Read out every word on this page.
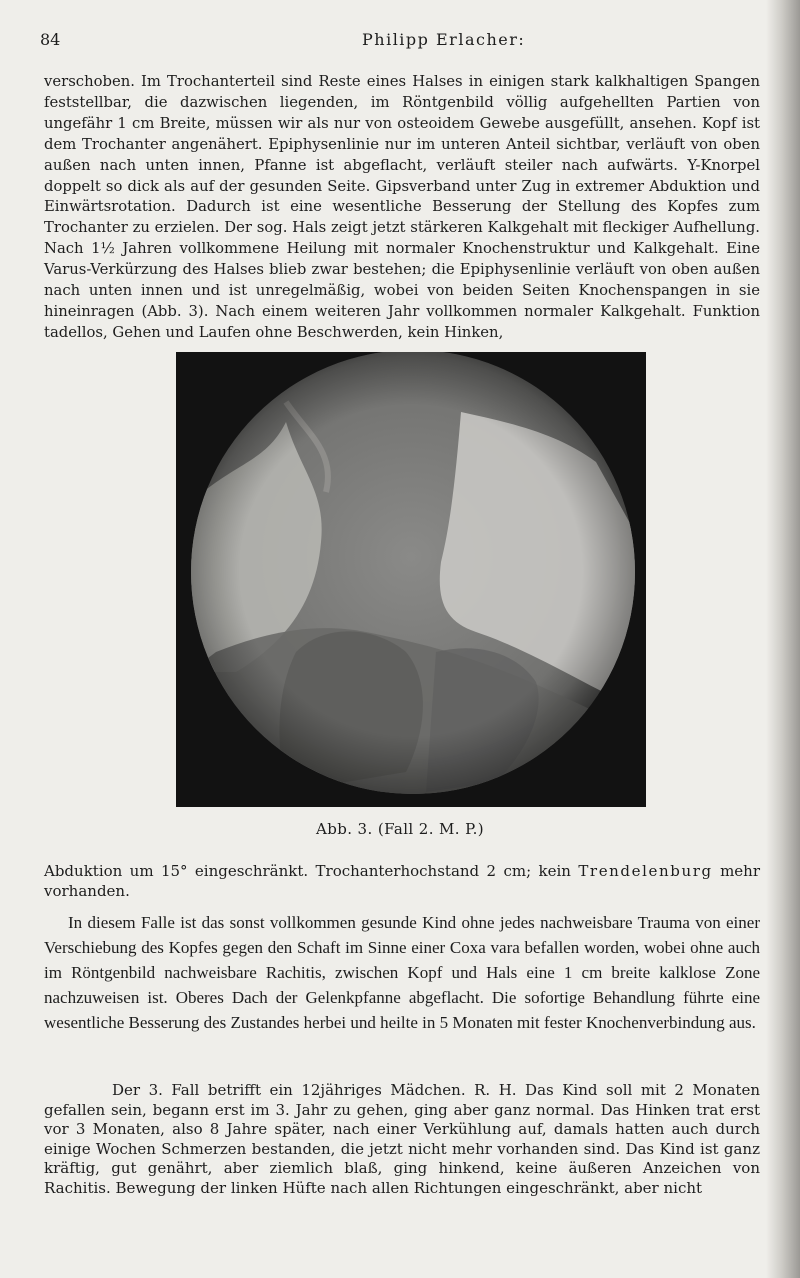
84	Philipp Erlacher:

verschoben. Im Trochanterteil sind Reste eines Halses in einigen stark kalkhaltigen Spangen feststellbar, die dazwischen liegenden, im Röntgenbild völlig aufgehellten Partien von ungefähr 1 cm Breite, müssen wir als nur von osteoidem Gewebe ausgefüllt, ansehen. Kopf ist dem Trochanter angenähert. Epiphysenlinie nur im unteren Anteil sichtbar, verläuft von oben außen nach unten innen, Pfanne ist abgeflacht, verläuft steiler nach aufwärts. Y-Knorpel doppelt so dick als auf der gesunden Seite. Gipsverband unter Zug in extremer Abduktion und Einwärtsrotation. Dadurch ist eine wesentliche Besserung der Stellung des Kopfes zum Trochanter zu erzielen. Der sog. Hals zeigt jetzt stärkeren Kalkgehalt mit fleckiger Aufhellung. Nach 1½ Jahren vollkommene Heilung mit normaler Knochenstruktur und Kalkgehalt. Eine Varus-Verkürzung des Halses blieb zwar bestehen; die Epiphysenlinie verläuft von oben außen nach unten innen und ist unregelmäßig, wobei von beiden Seiten Knochenspangen in sie hineinragen (Abb. 3). Nach einem weiteren Jahr vollkommen normaler Kalkgehalt. Funktion tadellos, Gehen und Laufen ohne Beschwerden, kein Hinken,

Abb. 3. (Fall 2. M. P.)

Abduktion um 15° eingeschränkt. Trochanterhochstand 2 cm; kein Trendelenburg mehr vorhanden.

In diesem Falle ist das sonst vollkommen gesunde Kind ohne jedes nachweisbare Trauma von einer Verschiebung des Kopfes gegen den Schaft im Sinne einer Coxa vara befallen worden, wobei ohne auch im Röntgenbild nachweisbare Rachitis, zwischen Kopf und Hals eine 1 cm breite kalklose Zone nachzuweisen ist. Oberes Dach der Gelenkpfanne abgeflacht. Die sofortige Behandlung führte eine wesentliche Besserung des Zustandes herbei und heilte in 5 Monaten mit fester Knochenverbindung aus.

Der 3. Fall betrifft ein 12jähriges Mädchen. R. H. Das Kind soll mit 2 Monaten gefallen sein, begann erst im 3. Jahr zu gehen, ging aber ganz normal. Das Hinken trat erst vor 3 Monaten, also 8 Jahre später, nach einer Verkühlung auf, damals hatten auch durch einige Wochen Schmerzen bestanden, die jetzt nicht mehr vorhanden sind. Das Kind ist ganz kräftig, gut genährt, aber ziemlich blaß, ging hinkend, keine äußeren Anzeichen von Rachitis. Bewegung der linken Hüfte nach allen Richtungen eingeschränkt, aber nicht
